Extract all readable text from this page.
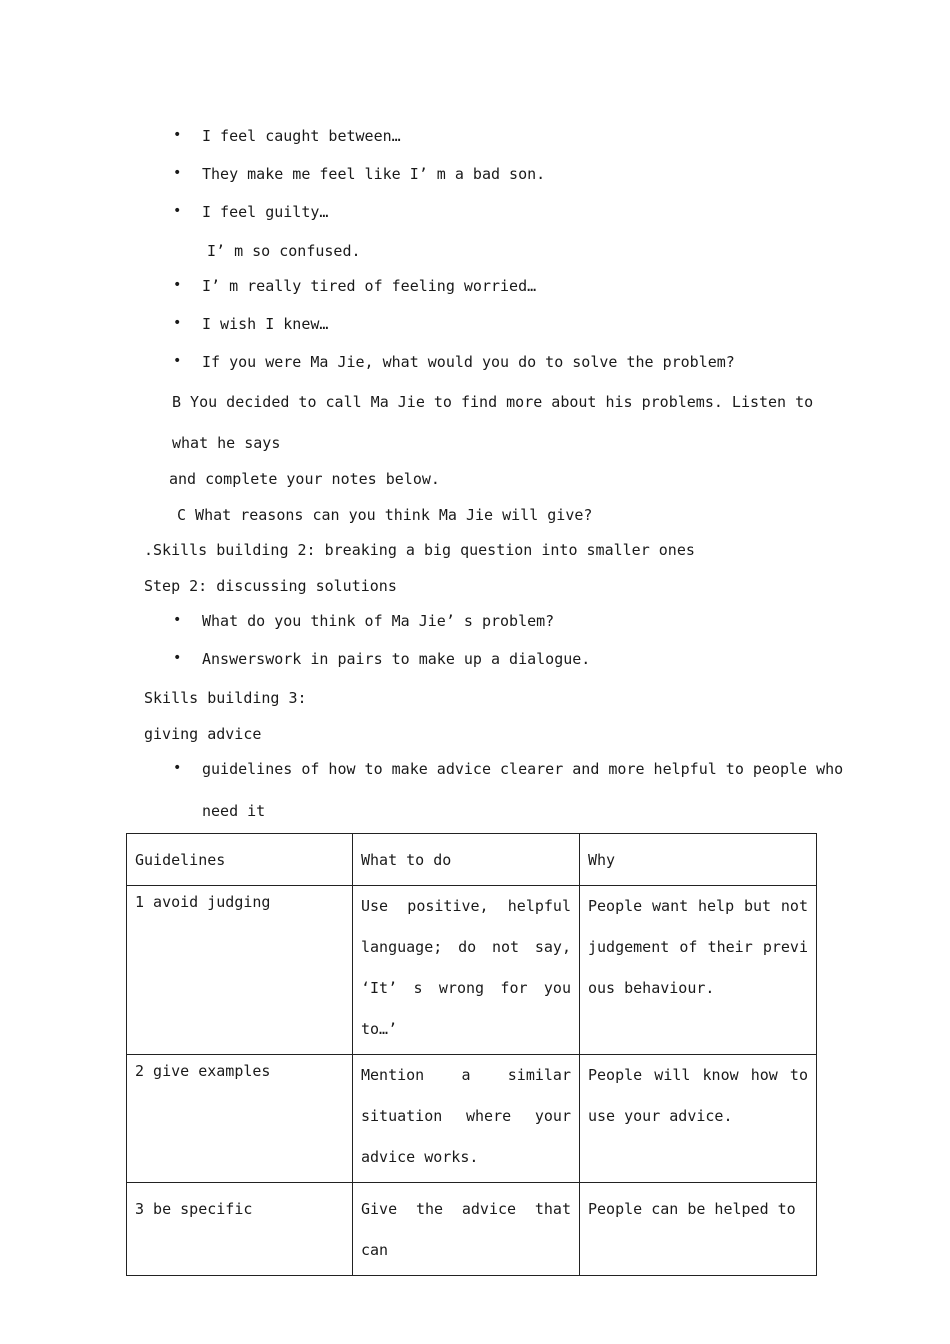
• I feel caught between…
• They make me feel like I’ m a bad son.
• I feel guilty…
I’ m so confused.
• I’ m really tired of feeling worried…
• I wish I knew…
• If you were Ma Jie, what would you do to solve the problem?
B You decided to call Ma Jie to find more about his problems. Listen to
what he says
and complete your notes below.
C What reasons can you think Ma Jie will give?
.Skills building 2: breaking a big question into smaller ones
Step 2: discussing solutions
• What do you think of Ma Jie’ s problem?
• Answerswork in pairs to make up a dialogue.
Skills building 3:
giving advice
• guidelines of how to make advice clearer and more helpful to people who
need it
Guidelines	What to do	Why
1 avoid judging	Use positive, helpful language; do not say, ‘It’ s wrong for you to…’	People want help but not judgement of their previous behaviour.
2 give examples	Mention a similar situation where your advice works.	People will know how to use your advice.
3 be specific	Give the advice that can	People can be helped to
